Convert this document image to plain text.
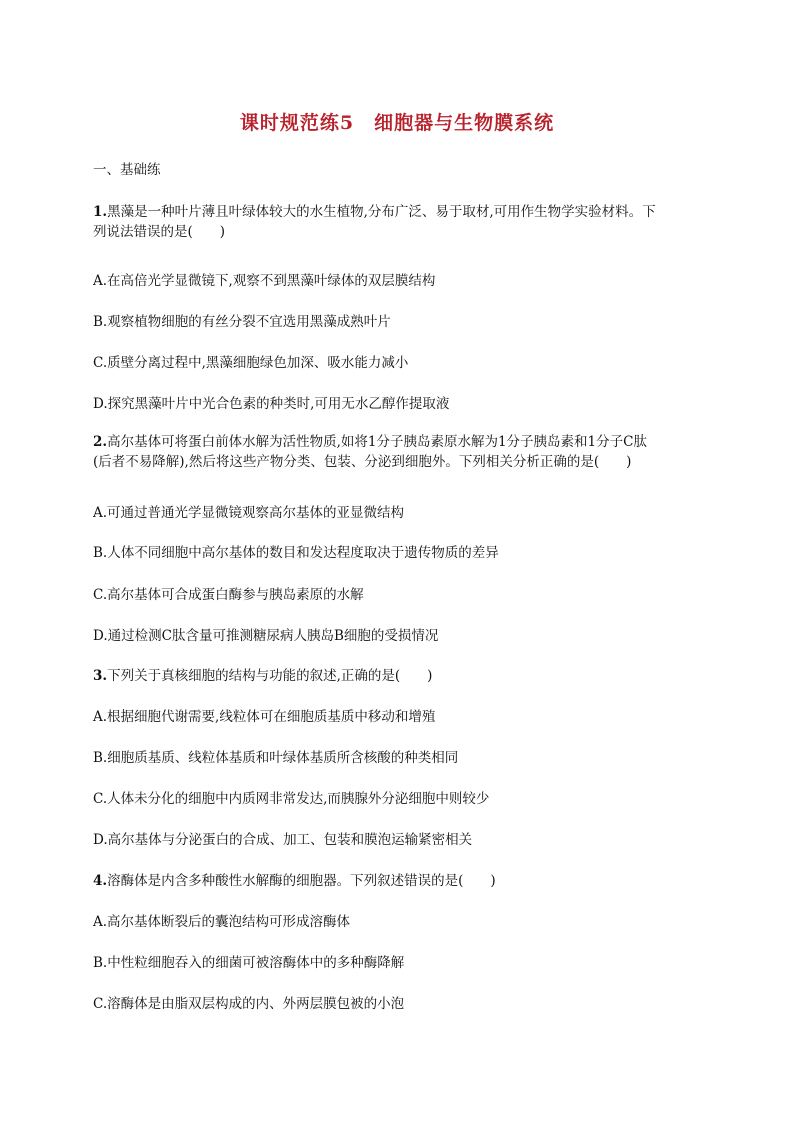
课时规范练5　细胞器与生物膜系统
一、基础练
1.黑藻是一种叶片薄且叶绿体较大的水生植物,分布广泛、易于取材,可用作生物学实验材料。下
列说法错误的是(　　)
A.在高倍光学显微镜下,观察不到黑藻叶绿体的双层膜结构
B.观察植物细胞的有丝分裂不宜选用黑藻成熟叶片
C.质壁分离过程中,黑藻细胞绿色加深、吸水能力减小
D.探究黑藻叶片中光合色素的种类时,可用无水乙醇作提取液
2.高尔基体可将蛋白前体水解为活性物质,如将1分子胰岛素原水解为1分子胰岛素和1分子C肽
(后者不易降解),然后将这些产物分类、包装、分泌到细胞外。下列相关分析正确的是(　　)
A.可通过普通光学显微镜观察高尔基体的亚显微结构
B.人体不同细胞中高尔基体的数目和发达程度取决于遗传物质的差异
C.高尔基体可合成蛋白酶参与胰岛素原的水解
D.通过检测C肽含量可推测糖尿病人胰岛B细胞的受损情况
3.下列关于真核细胞的结构与功能的叙述,正确的是(　　)
A.根据细胞代谢需要,线粒体可在细胞质基质中移动和增殖
B.细胞质基质、线粒体基质和叶绿体基质所含核酸的种类相同
C.人体未分化的细胞中内质网非常发达,而胰腺外分泌细胞中则较少
D.高尔基体与分泌蛋白的合成、加工、包装和膜泡运输紧密相关
4.溶酶体是内含多种酸性水解酶的细胞器。下列叙述错误的是(　　)
A.高尔基体断裂后的囊泡结构可形成溶酶体
B.中性粒细胞吞入的细菌可被溶酶体中的多种酶降解
C.溶酶体是由脂双层构成的内、外两层膜包被的小泡
